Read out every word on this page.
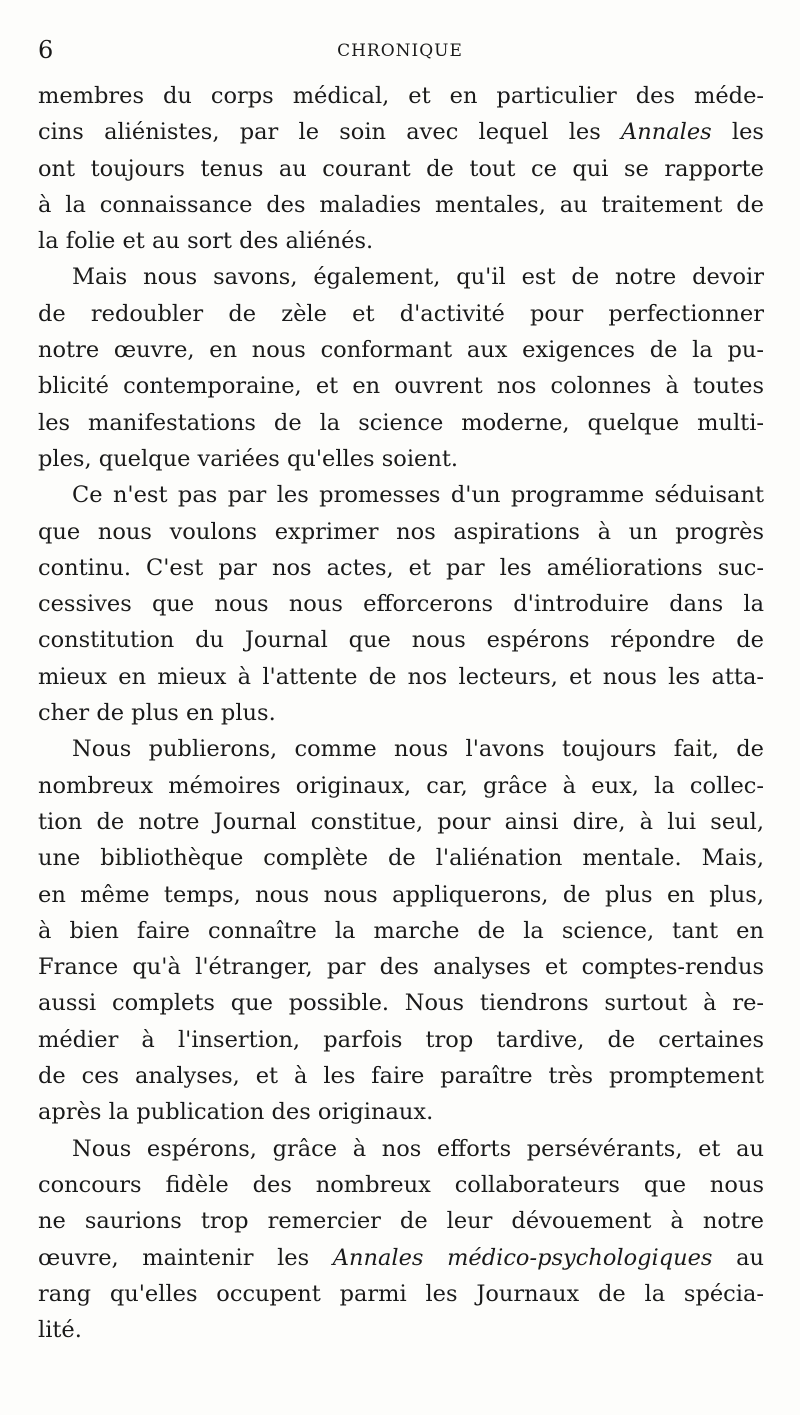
6	CHRONIQUE
membres du corps médical, et en particulier des méde-
cins aliénistes, par le soin avec lequel les Annales les
ont toujours tenus au courant de tout ce qui se rapporte
à la connaissance des maladies mentales, au traitement de
la folie et au sort des aliénés.
Mais nous savons, également, qu'il est de notre devoir
de redoubler de zèle et d'activité pour perfectionner
notre œuvre, en nous conformant aux exigences de la pu-
blicité contemporaine, et en ouvrent nos colonnes à toutes
les manifestations de la science moderne, quelque multi-
ples, quelque variées qu'elles soient.
Ce n'est pas par les promesses d'un programme séduisant
que nous voulons exprimer nos aspirations à un progrès
continu. C'est par nos actes, et par les améliorations suc-
cessives que nous nous efforcerons d'introduire dans la
constitution du Journal que nous espérons répondre de
mieux en mieux à l'attente de nos lecteurs, et nous les atta-
cher de plus en plus.
Nous publierons, comme nous l'avons toujours fait, de
nombreux mémoires originaux, car, grâce à eux, la collec-
tion de notre Journal constitue, pour ainsi dire, à lui seul,
une bibliothèque complète de l'aliénation mentale. Mais,
en même temps, nous nous appliquerons, de plus en plus,
à bien faire connaître la marche de la science, tant en
France qu'à l'étranger, par des analyses et comptes-rendus
aussi complets que possible. Nous tiendrons surtout à re-
médier à l'insertion, parfois trop tardive, de certaines
de ces analyses, et à les faire paraître très promptement
après la publication des originaux.
Nous espérons, grâce à nos efforts persévérants, et au
concours fidèle des nombreux collaborateurs que nous
ne saurions trop remercier de leur dévouement à notre
œuvre, maintenir les Annales médico-psychologiques au
rang qu'elles occupent parmi les Journaux de la spécia-
lité.
